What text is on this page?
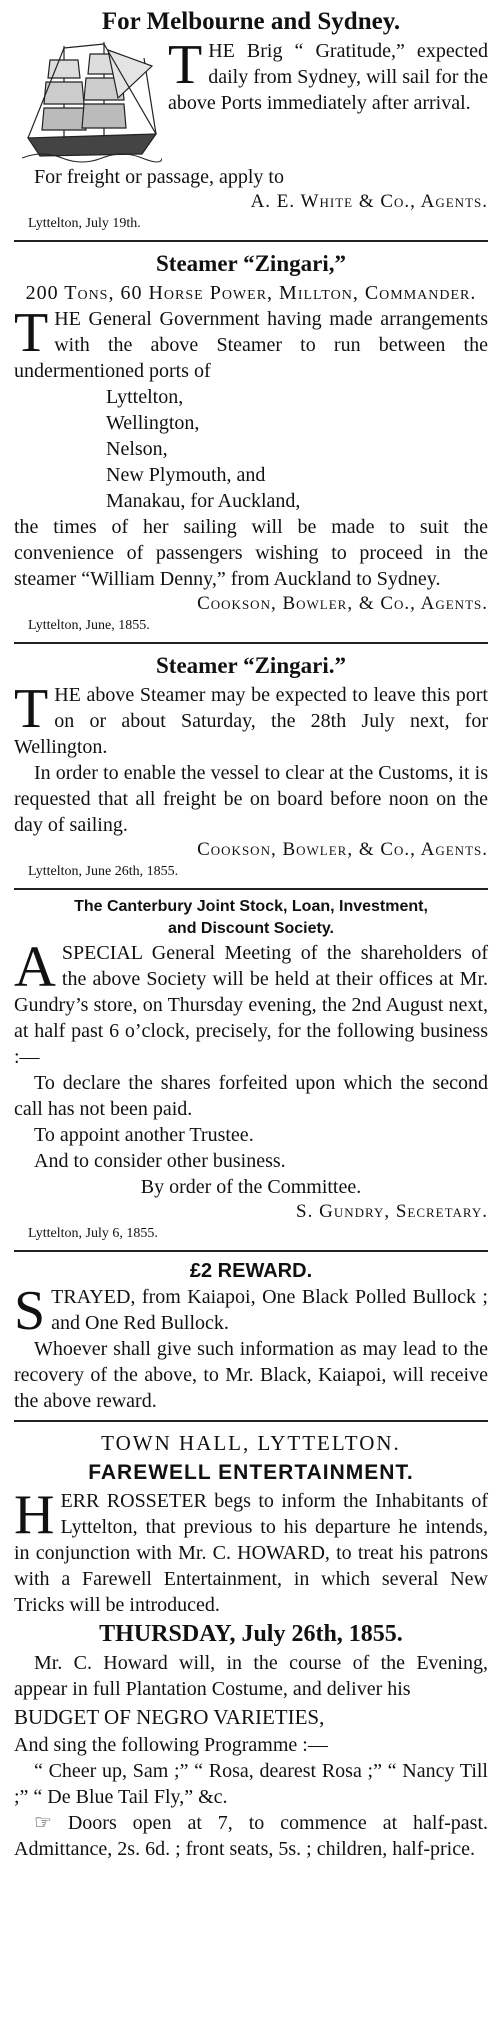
For Melbourne and Sydney.

T HE Brig “ Gratitude,” expected daily from Sydney, will sail for the above Ports immediately after arrival.

For freight or passage, apply to

A. E. White & Co., Agents.

Lyttelton, July 19th.

Steamer “Zingari,”

200 Tons, 60 Horse Power, Millton, Commander.

T HE General Government having made arrangements with the above Steamer to run between the undermentioned ports of

Lyttelton,

Wellington,

Nelson,

New Plymouth, and

Manakau, for Auckland,

the times of her sailing will be made to suit the convenience of passengers wishing to proceed in the steamer “William Denny,” from Auckland to Sydney.

Cookson, Bowler, & Co., Agents.

Lyttelton, June, 1855.

Steamer “Zingari.”

T HE above Steamer may be expected to leave this port on or about Saturday, the 28th July next, for Wellington.

In order to enable the vessel to clear at the Customs, it is requested that all freight be on board before noon on the day of sailing.

Cookson, Bowler, & Co., Agents.

Lyttelton, June 26th, 1855.

The Canterbury Joint Stock, Loan, Investment,

and Discount Society.

A SPECIAL General Meeting of the shareholders of the above Society will be held at their offices at Mr. Gundry’s store, on Thursday evening, the 2nd August next, at half past 6 o’clock, precisely, for the following business :—

To declare the shares forfeited upon which the second call has not been paid.

To appoint another Trustee.

And to consider other business.

By order of the Committee.

S. Gundry, Secretary.

Lyttelton, July 6, 1855.

£2 REWARD.

S TRAYED, from Kaiapoi, One Black Polled Bullock ; and One Red Bullock.

Whoever shall give such information as may lead to the recovery of the above, to Mr. Black, Kaiapoi, will receive the above reward.

TOWN HALL, LYTTELTON.

FAREWELL ENTERTAINMENT.

H ERR ROSSETER begs to inform the Inhabitants of Lyttelton, that previous to his departure he intends, in conjunction with Mr. C. HOWARD, to treat his patrons with a Farewell Entertainment, in which several New Tricks will be introduced.

THURSDAY, July 26th, 1855.

Mr. C. Howard will, in the course of the Evening, appear in full Plantation Costume, and deliver his

BUDGET OF NEGRO VARIETIES,

And sing the following Programme :—

“ Cheer up, Sam ;” “ Rosa, dearest Rosa ;” “ Nancy Till ;” “ De Blue Tail Fly,” &c.

☞ Doors open at 7, to commence at half-past. Admittance, 2s. 6d. ; front seats, 5s. ; children, half-price.
